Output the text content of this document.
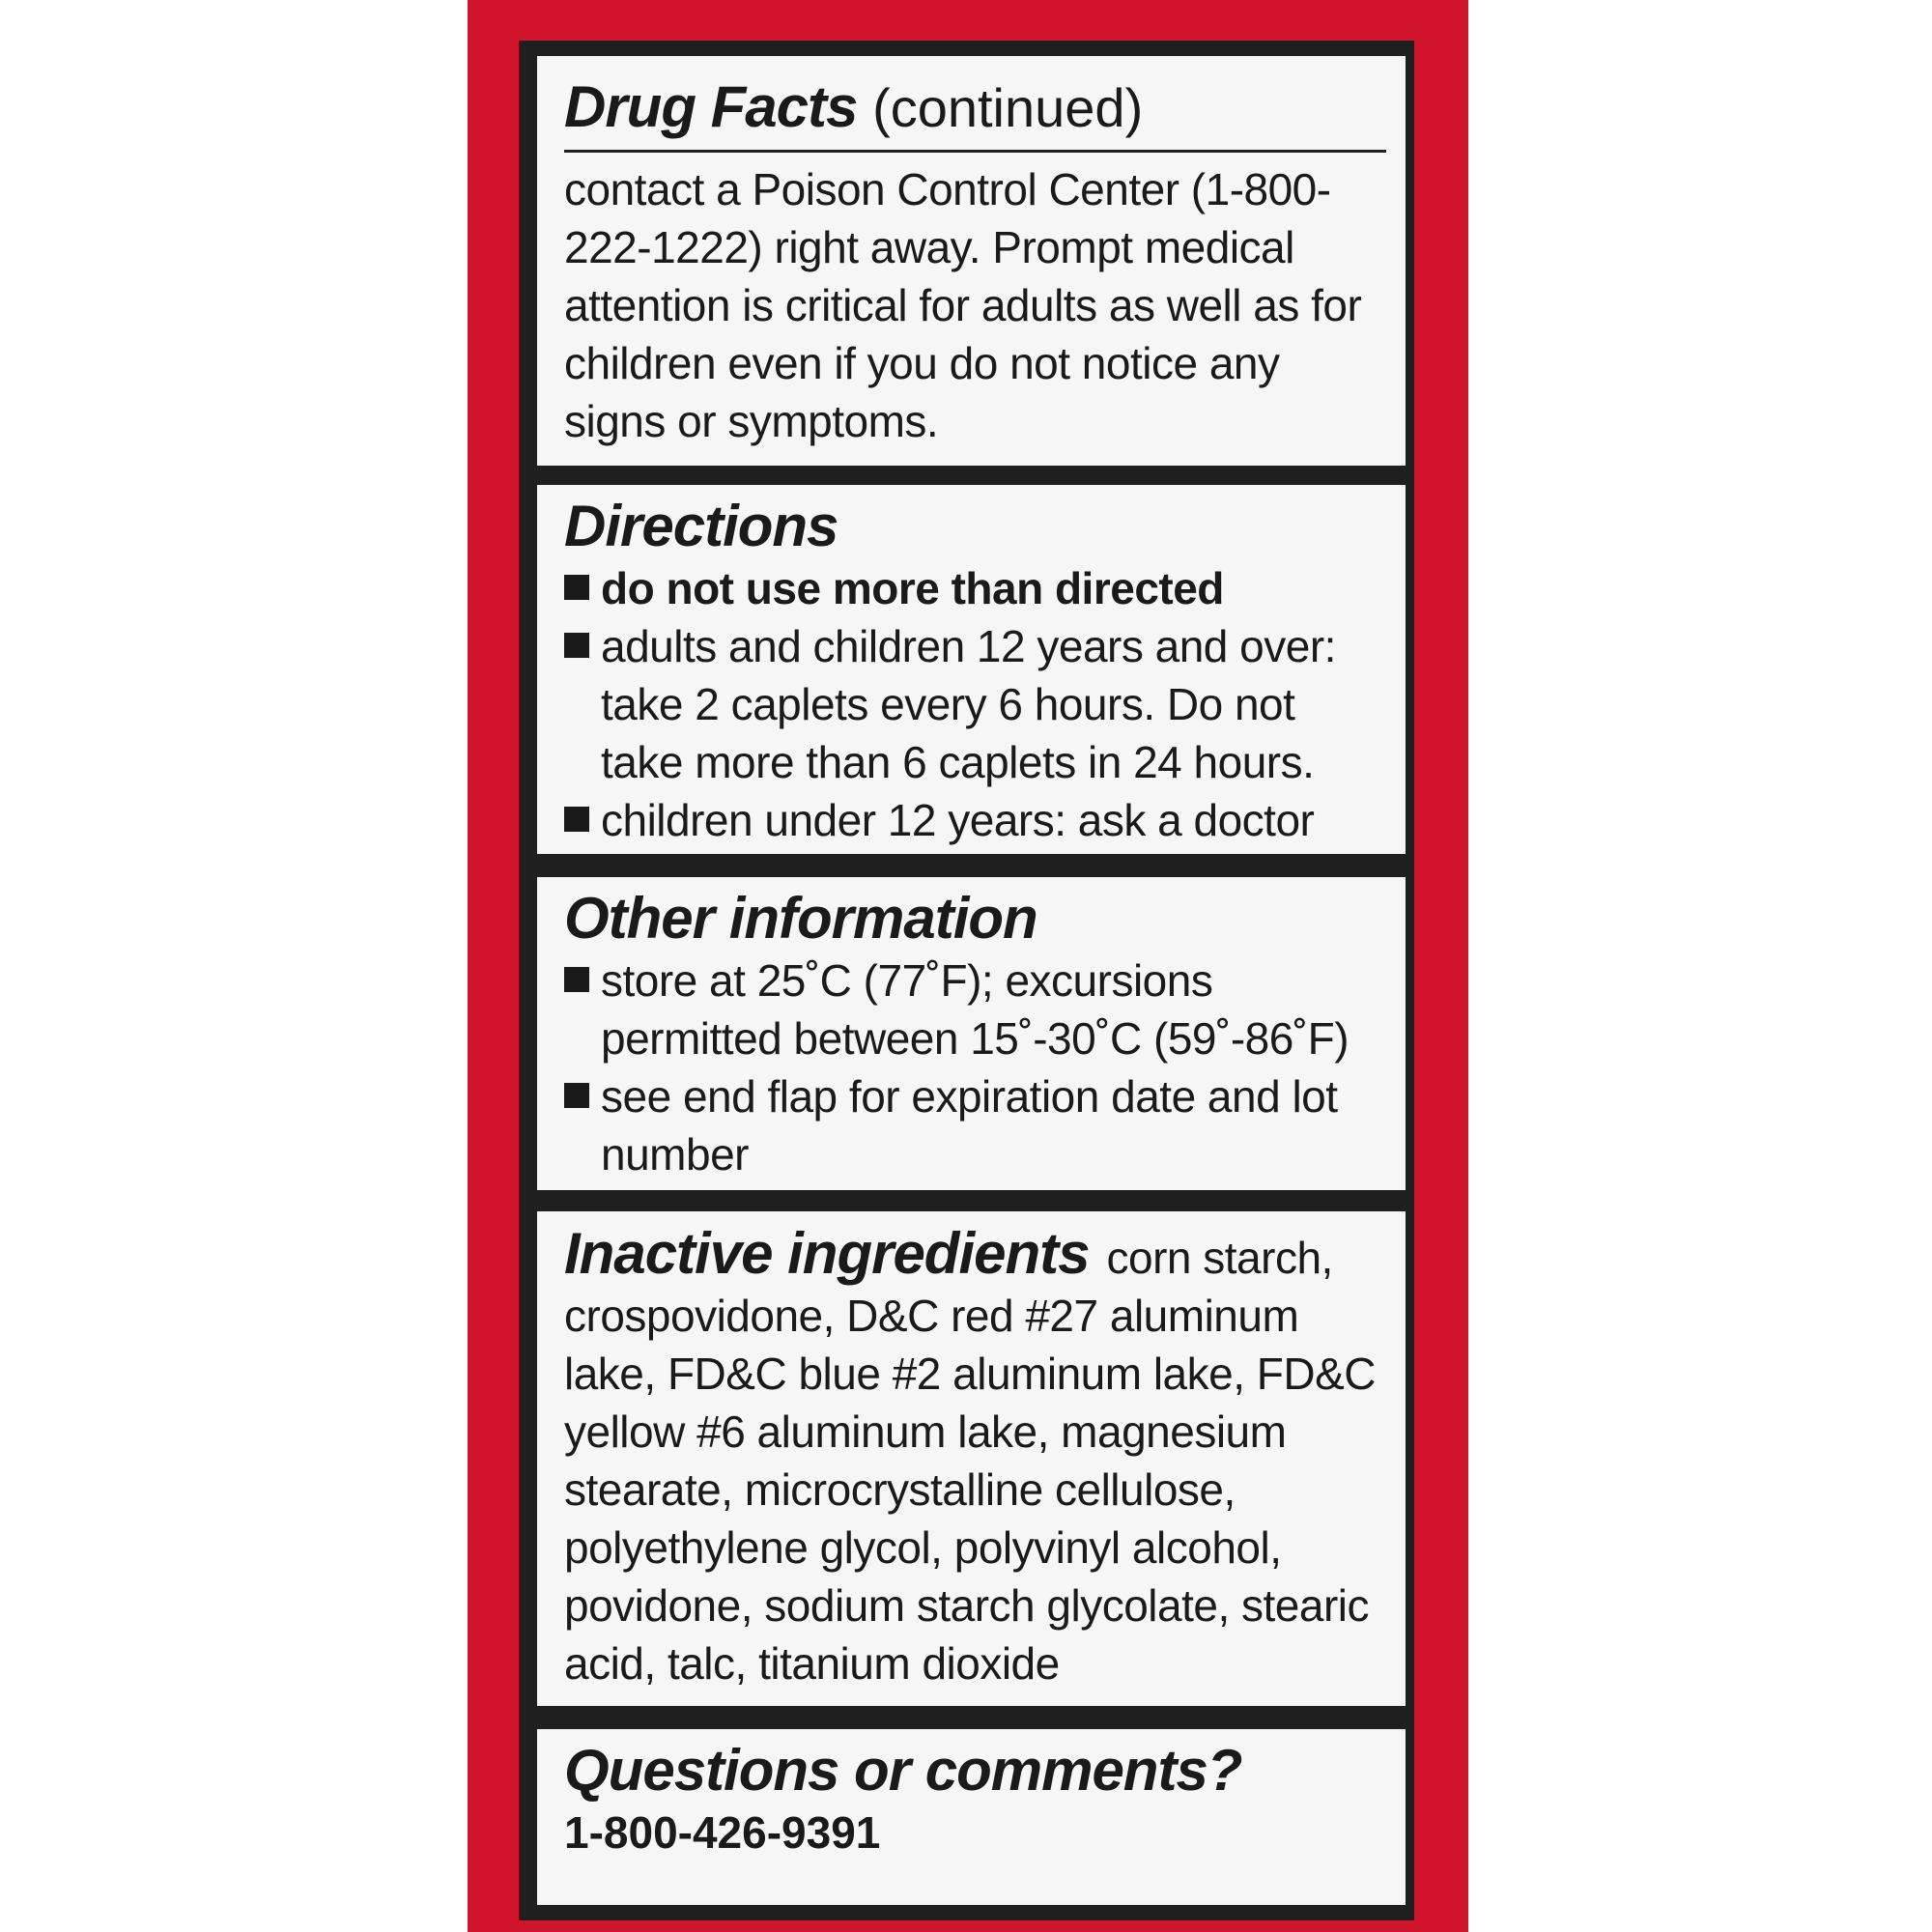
Drug Facts (continued)
contact a Poison Control Center (1-800-222-1222) right away. Prompt medical attention is critical for adults as well as for children even if you do not notice any signs or symptoms.
Directions
do not use more than directed
adults and children 12 years and over: take 2 caplets every 6 hours. Do not take more than 6 caplets in 24 hours.
children under 12 years: ask a doctor
Other information
store at 25˚C (77˚F); excursions permitted between 15˚-30˚C (59˚-86˚F)
see end flap for expiration date and lot number
Inactive ingredients corn starch, crospovidone, D&C red #27 aluminum lake, FD&C blue #2 aluminum lake, FD&C yellow #6 aluminum lake, magnesium stearate, microcrystalline cellulose, polyethylene glycol, polyvinyl alcohol, povidone, sodium starch glycolate, stearic acid, talc, titanium dioxide
Questions or comments?
1-800-426-9391
